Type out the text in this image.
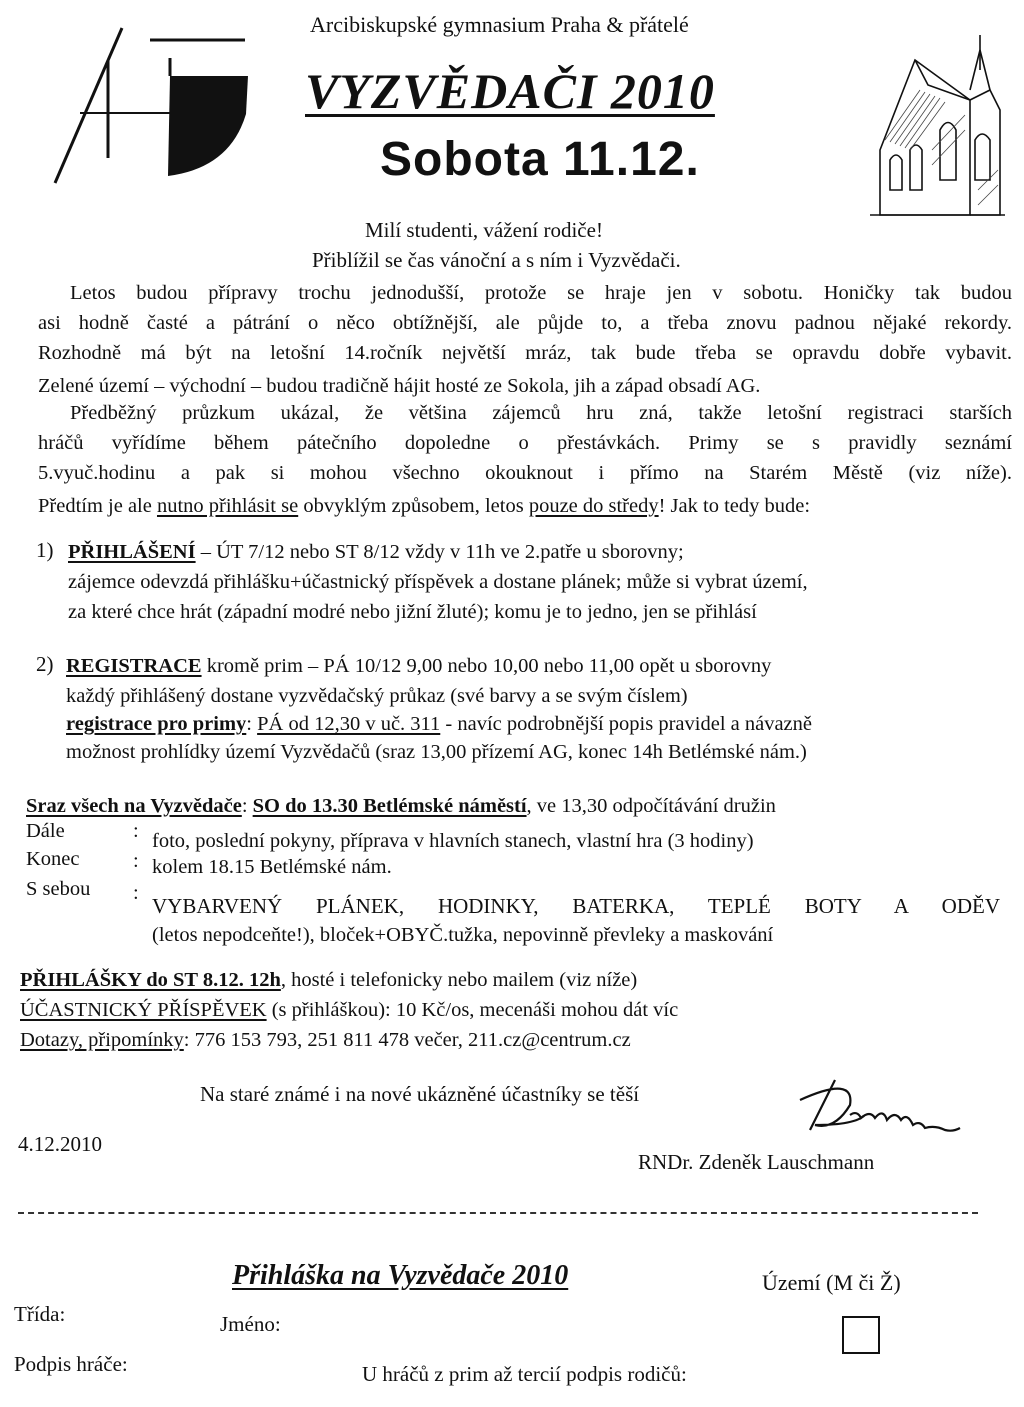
Arcibiskupské gymnasium Praha & přátelé
VYZVĚDAČI 2010
Sobota 11.12.
Milí studenti, vážení rodiče!
Přiblížil se čas vánoční a s ním i Vyzvědači.
Letos budou přípravy trochu jednodušší, protože se hraje jen v sobotu. Honičky tak budou
asi hodně časté a pátrání o něco obtížnější, ale půjde to, a třeba znovu padnou nějaké rekordy.
Rozhodně má být na letošní 14.ročník největší mráz, tak bude třeba se opravdu dobře vybavit.
Zelené území – východní – budou tradičně hájit hosté ze Sokola, jih a západ obsadí AG.
Předběžný průzkum ukázal, že většina zájemců hru zná, takže letošní registraci starších
hráčů vyřídíme během pátečního dopoledne o přestávkách. Primy se s pravidly seznámí
5.vyuč.hodinu a pak si mohou všechno okouknout i přímo na Starém Městě (viz níže).
Předtím je ale nutno přihlásit se obvyklým způsobem, letos pouze do středy! Jak to tedy bude:
1) PŘIHLÁŠENÍ – ÚT 7/12 nebo ST 8/12 vždy v 11h ve 2.patře u sborovny;
zájemce odevzdá přihlášku+účastnický příspěvek a dostane plánek; může si vybrat území,
za které chce hrát (západní modré nebo jižní žluté); komu je to jedno, jen se přihlásí
2) REGISTRACE kromě prim – PÁ 10/12 9,00 nebo 10,00 nebo 11,00 opět u sborovny
každý přihlášený dostane vyzvědačský průkaz (své barvy a se svým číslem)
registrace pro primy: PÁ od 12,30 v uč. 311 - navíc podrobnější popis pravidel a návazně
možnost prohlídky území Vyzvědačů (sraz 13,00 přízemí AG, konec 14h Betlémské nám.)
Sraz všech na Vyzvědače: SO do 13.30 Betlémské náměstí, ve 13,30 odpočítávání družin
Dále	: foto, poslední pokyny, příprava v hlavních stanech, vlastní hra (3 hodiny)
Konec	: kolem 18.15 Betlémské nám.
S sebou :
VYBARVENÝ PLÁNEK, HODINKY, BATERKA, TEPLÉ BOTY A ODĚV
(letos nepodceňte!), bloček+OBYČ.tužka, nepovinně převleky a maskování
PŘIHLÁŠKY do ST 8.12. 12h, hosté i telefonicky nebo mailem (viz níže)
ÚČASTNICKÝ PŘÍSPĚVEK (s přihláškou): 10 Kč/os, mecenáši mohou dát víc
Dotazy, připomínky: 776 153 793, 251 811 478 večer, 211.cz@centrum.cz
Na staré známé i na nové ukázněné účastníky se těší
4.12.2010
RNDr. Zdeněk Lauschmann
Přihláška na Vyzvědače 2010	Území (M či Ž)
Třída:	Jméno:
Podpis hráče:	U hráčů z prim až tercií podpis rodičů:
